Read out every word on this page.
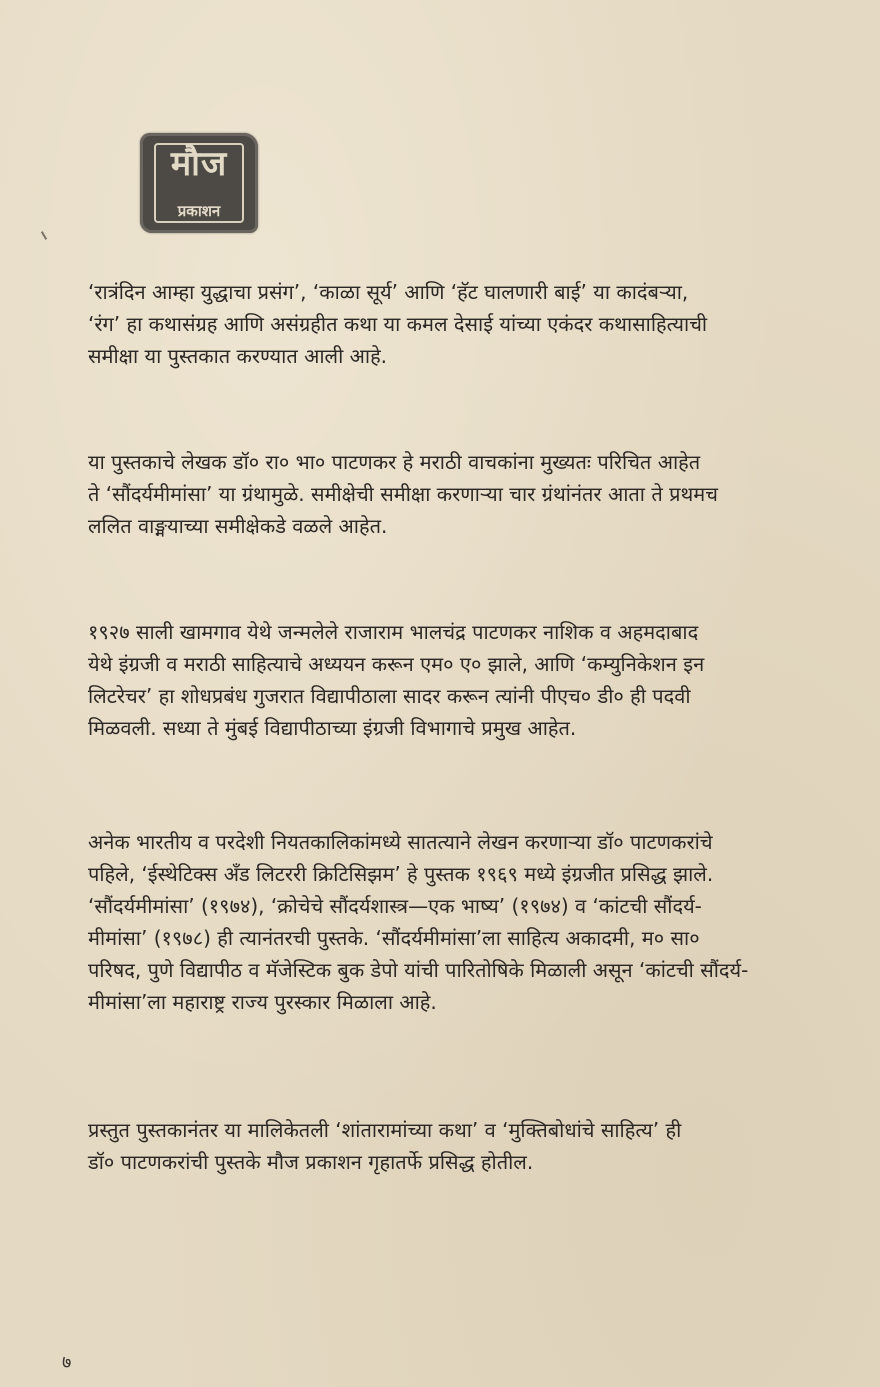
मौज
प्रकाशन

‘रात्रंदिन आम्हा युद्धाचा प्रसंग’, ‘काळा सूर्य’ आणि ‘हॅट घालणारी बाई’ या कादंबऱ्या,
‘रंग’ हा कथासंग्रह आणि असंग्रहीत कथा या कमल देसाई यांच्या एकंदर कथासाहित्याची
समीक्षा या पुस्तकात करण्यात आली आहे.

या पुस्तकाचे लेखक डॉ० रा० भा० पाटणकर हे मराठी वाचकांना मुख्यतः परिचित आहेत
ते ‘सौंदर्यमीमांसा’ या ग्रंथामुळे. समीक्षेची समीक्षा करणाऱ्या चार ग्रंथांनंतर आता ते प्रथमच
ललित वाङ्मयाच्या समीक्षेकडे वळले आहेत.

१९२७ साली खामगाव येथे जन्मलेले राजाराम भालचंद्र पाटणकर नाशिक व अहमदाबाद
येथे इंग्रजी व मराठी साहित्याचे अध्ययन करून एम० ए० झाले, आणि ‘कम्युनिकेशन इन
लिटरेचर’ हा शोधप्रबंध गुजरात विद्यापीठाला सादर करून त्यांनी पीएच० डी० ही पदवी
मिळवली. सध्या ते मुंबई विद्यापीठाच्या इंग्रजी विभागाचे प्रमुख आहेत.

अनेक भारतीय व परदेशी नियतकालिकांमध्ये सातत्याने लेखन करणाऱ्या डॉ० पाटणकरांचे
पहिले, ‘ईस्थेटिक्स अँड लिटररी क्रिटिसिझम’ हे पुस्तक १९६९ मध्ये इंग्रजीत प्रसिद्ध झाले.
‘सौंदर्यमीमांसा’ (१९७४), ‘क्रोचेचे सौंदर्यशास्त्र—एक भाष्य’ (१९७४) व ‘कांटची सौंदर्य-
मीमांसा’ (१९७८) ही त्यानंतरची पुस्तके. ‘सौंदर्यमीमांसा’ला साहित्य अकादमी, म० सा०
परिषद, पुणे विद्यापीठ व मॅजेस्टिक बुक डेपो यांची पारितोषिके मिळाली असून ‘कांटची सौंदर्य-
मीमांसा’ला महाराष्ट्र राज्य पुरस्कार मिळाला आहे.

प्रस्तुत पुस्तकानंतर या मालिकेतली ‘शांतारामांच्या कथा’ व ‘मुक्तिबोधांचे साहित्य’ ही
डॉ० पाटणकरांची पुस्तके मौज प्रकाशन गृहातर्फे प्रसिद्ध होतील.

७
